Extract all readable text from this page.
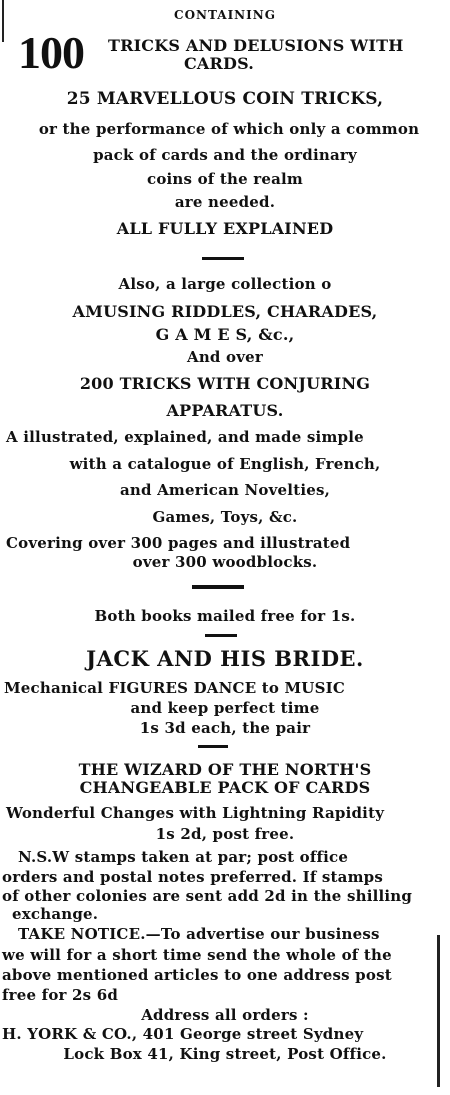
CONTAINING
100 TRICKS AND DELUSIONS WITH
CARDS.
25 MARVELLOUS COIN TRICKS,
or the performance of which only a common
pack of cards and the ordinary
coins of the realm
are needed.
ALL FULLY EXPLAINED
Also, a large collection o
AMUSING RIDDLES, CHARADES,
G A M E S, &c.,
And over
200 TRICKS WITH CONJURING
APPARATUS.
A illustrated, explained, and made simple
with a catalogue of English, French,
and American Novelties,
Games, Toys, &c.
Covering over 300 pages and illustrated
over 300 woodblocks.
Both books mailed free for 1s.
JACK AND HIS BRIDE.
Mechanical FIGURES DANCE to MUSIC
and keep perfect time
1s 3d each, the pair
THE WIZARD OF THE NORTH'S
CHANGEABLE PACK OF CARDS
Wonderful Changes with Lightning Rapidity
1s 2d, post free.
N.S.W stamps taken at par; post office
orders and postal notes preferred. If stamps
of other colonies are sent add 2d in the shilling
exchange.
TAKE NOTICE.—To advertise our business
we will for a short time send the whole of the
above mentioned articles to one address post
free for 2s 6d
Address all orders :
H. YORK & CO., 401 George street Sydney
Lock Box 41, King street, Post Office.
